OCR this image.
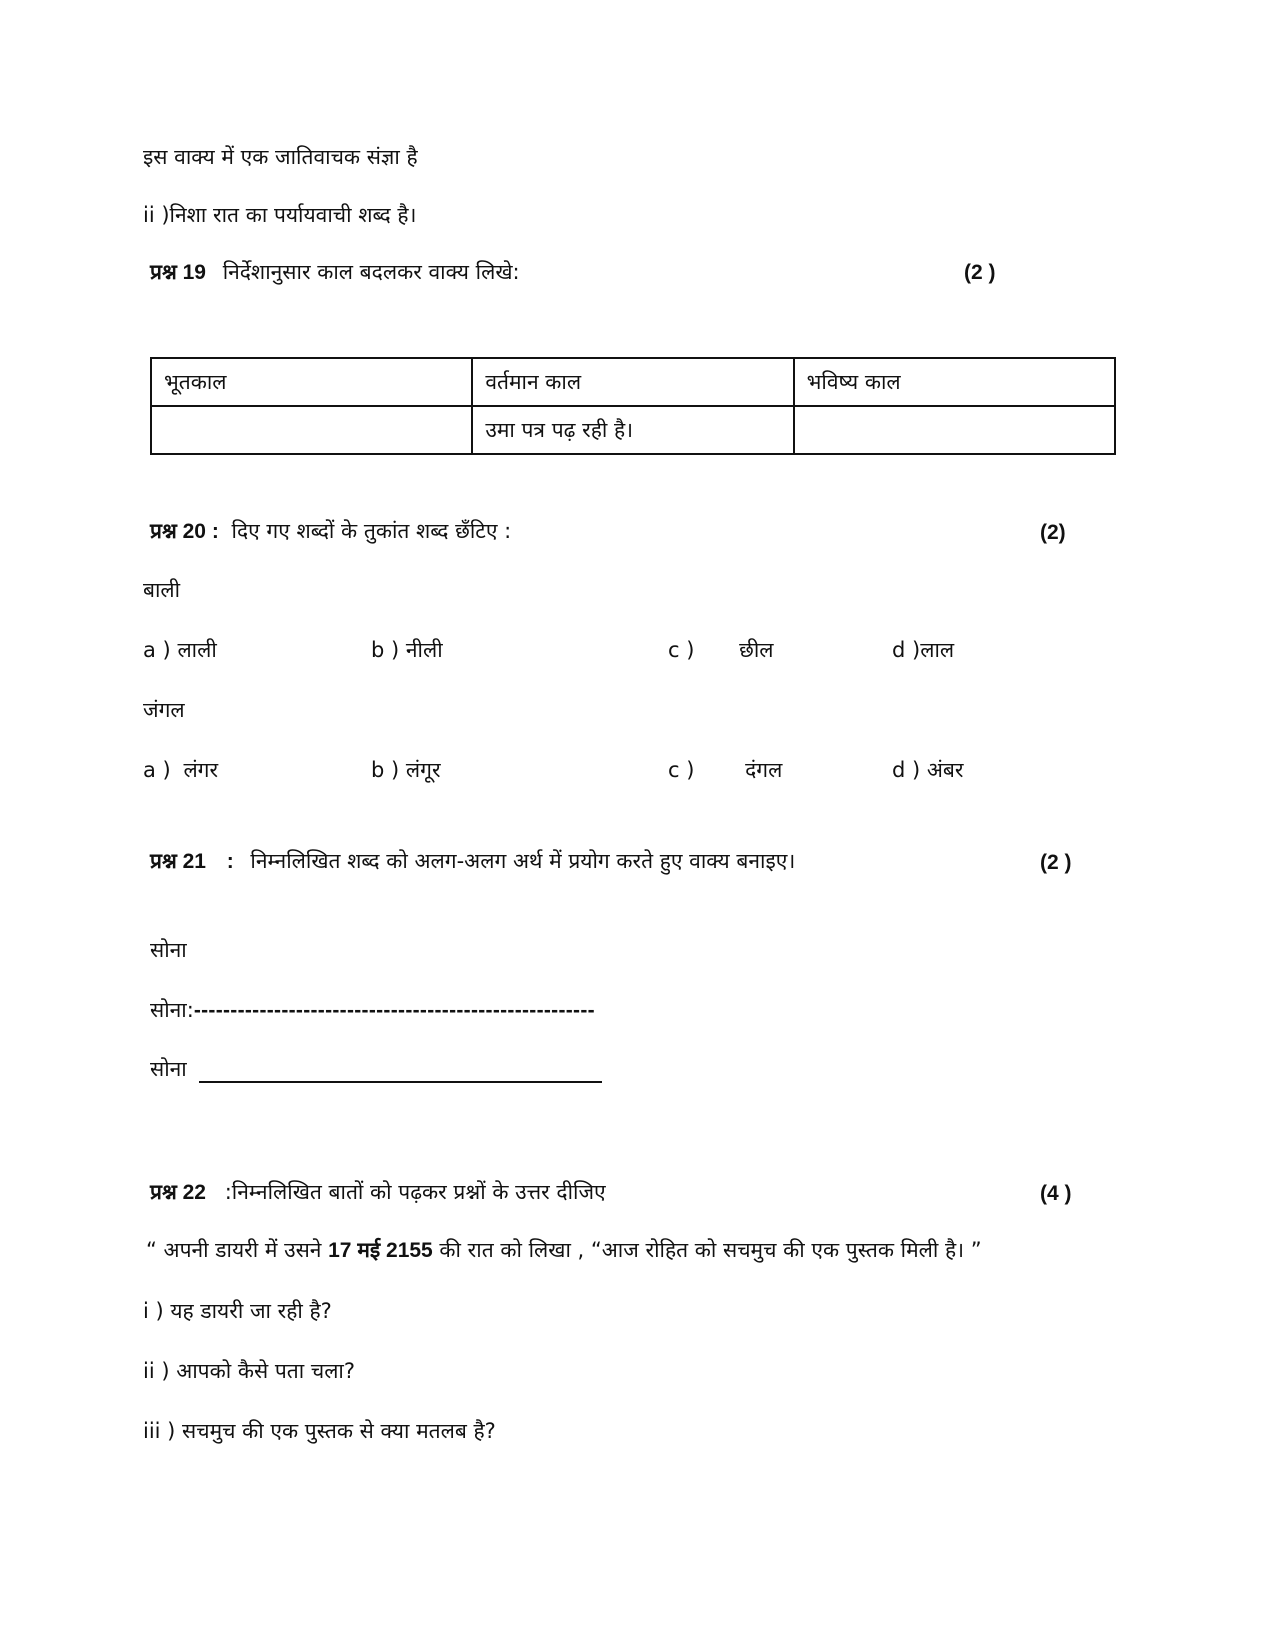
इस वाक्य में एक जातिवाचक संज्ञा है
ii )निशा रात का पर्यायवाची शब्द है।
प्रश्न 19 निर्देशानुसार काल बदलकर वाक्य लिखे:	(2 )
भूतकाल	वर्तमान काल	भविष्य काल
	उमा पत्र पढ़ रही है।	
प्रश्न 20 : दिए गए शब्दों के तुकांत शब्द छँटिए :	(2)
बाली
a ) लाली	b ) नीली	c ) छील	d )लाल
जंगल
a ) लंगर	b ) लंगूर	c ) दंगल	d ) अंबर
प्रश्न 21 : निम्नलिखित शब्द को अलग-अलग अर्थ में प्रयोग करते हुए वाक्य बनाइए।	(2 )
सोना
सोना:-------------------------------------------------------
सोना
प्रश्न 22 :निम्नलिखित बातों को पढ़कर प्रश्नों के उत्तर दीजिए	(4 )
“ अपनी डायरी में उसने 17 मई 2155 की रात को लिखा , “आज रोहित को सचमुच की एक पुस्तक मिली है। ”
i ) यह डायरी जा रही है?
ii ) आपको कैसे पता चला?
iii ) सचमुच की एक पुस्तक से क्या मतलब है?
